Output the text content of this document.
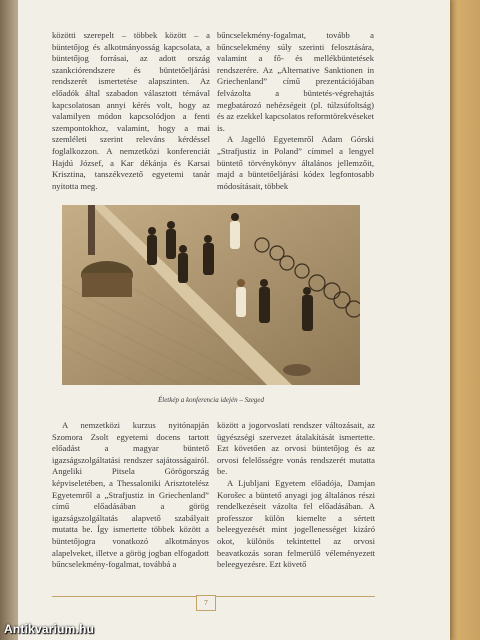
közötti szerepelt – többek között – a büntetőjog és alkotmányosság kapcsolata, a büntetőjog forrásai, az adott ország szankciórendszere és büntetőeljárási rendszerét ismertetése alapszinten. Az előadók által szabadon választott témával kapcsolatosan annyi kérés volt, hogy az valamilyen módon kapcsolódjon a fenti szempontokhoz, valamint, hogy a mai szemléleti szerint releváns kérdéssel foglalkozzon. A nemzetközi konferenciát Hajdú József, a Kar dékánja és Karsai Krisztina, tanszékvezető egyetemi tanár nyitotta meg.

bűncselekmény-fogalmat, tovább a bűncselekmény súly szerinti felosztására, valamint a fő- és mellékbüntetések rendszerére. Az „Alternative Sanktionen in Griechenland” című prezentációjában felvázolta a büntetés-végrehajtás megbatározó nehézségeit (pl. túlzsúfoltság) és az ezekkel kapcsolatos reformtörekvéseket is.

A Jagelló Egyetemről Adam Górski „Strafjustiz in Poland” címmel a lengyel büntető törvénykönyv általános jellemzőit, majd a büntetőeljárási kódex legfontosabb módosításait, többek

Életkép a konferencia idején – Szeged

A nemzetközi kurzus nyitónapján Szomora Zsolt egyetemi docens tartott előadást a magyar büntető igazságszolgáltatási rendszer sajátosságairól. Angeliki Pitsela Görögország képviseletében, a Thessaloniki Arisztotelész Egyetemről a „Strafjustiz in Griechenland” című előadásában a görög igazságszolgáltatás alapvető szabályait mutatta be. Így ismertette többek között a büntetőjogra vonatkozó alkotmányos alapelveket, illetve a görög jogban elfogadott bűncselekmény-fogalmat, továbbá a

között a jogorvoslati rendszer változásait, az ügyészségi szervezet átalakítását ismertette. Ezt követően az orvosi büntetőjog és az orvosi felelősségre vonás rendszerét mutatta be.

A Ljubljani Egyetem előadója, Damjan Korošec a büntető anyagi jog általános részi rendelkezéseit vázolta fel előadásában. A professzor külön kiemelte a sértett beleegyezését mint jogellenességet kizáró okot, különös tekintettel az orvosi beavatkozás soran felmerülő véleményezett beleegyezésre. Ezt követő

7
Antikvarium.hu
